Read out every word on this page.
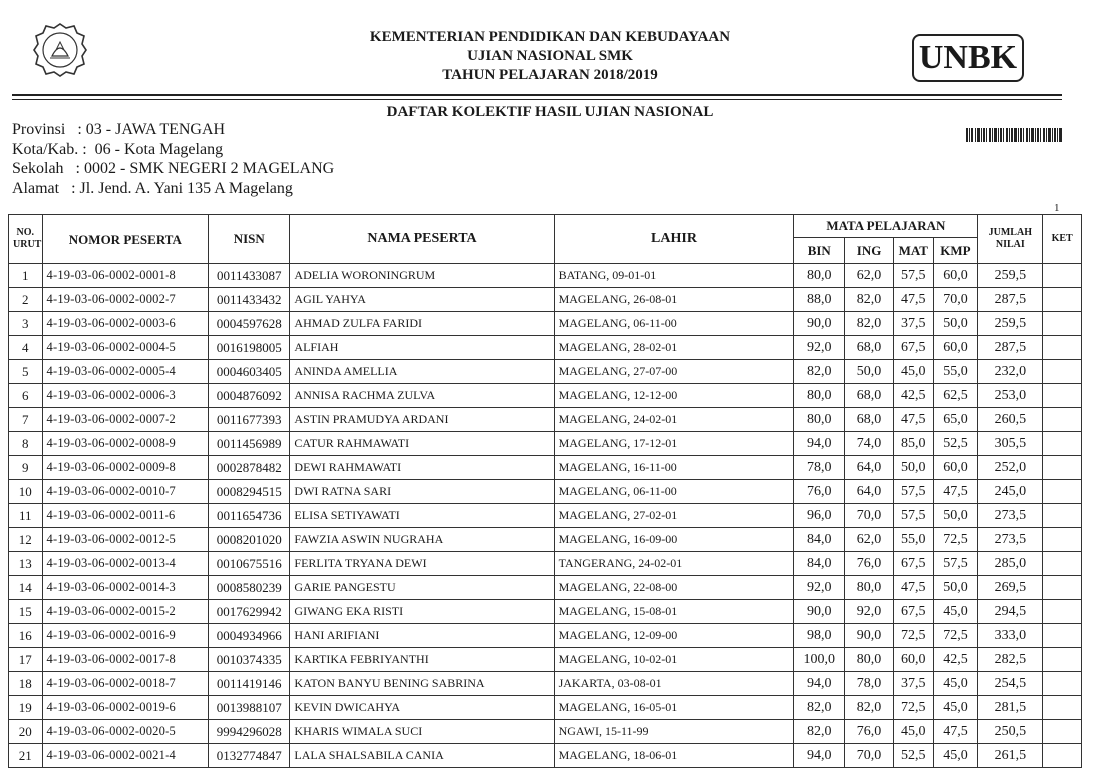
KEMENTERIAN PENDIDIKAN DAN KEBUDAYAAN
UJIAN NASIONAL SMK
TAHUN PELAJARAN 2018/2019	UNBK
DAFTAR KOLEKTIF HASIL UJIAN NASIONAL
Provinsi : 03 - JAWA TENGAH
Kota/Kab. : 06 - Kota Magelang
Sekolah : 0002 - SMK NEGERI 2 MAGELANG
Alamat : Jl. Jend. A. Yani 135 A Magelang
1
NO. URUT	NOMOR PESERTA	NISN	NAMA PESERTA	LAHIR	MATA PELAJARAN				JUMLAH NILAI	KET
					BIN	ING	MAT	KMP		
1	4-19-03-06-0002-0001-8	0011433087	ADELIA WORONINGRUM	BATANG, 09-01-01	80,0	62,0	57,5	60,0	259,5	
2	4-19-03-06-0002-0002-7	0011433432	AGIL YAHYA	MAGELANG, 26-08-01	88,0	82,0	47,5	70,0	287,5	
3	4-19-03-06-0002-0003-6	0004597628	AHMAD ZULFA FARIDI	MAGELANG, 06-11-00	90,0	82,0	37,5	50,0	259,5	
4	4-19-03-06-0002-0004-5	0016198005	ALFIAH	MAGELANG, 28-02-01	92,0	68,0	67,5	60,0	287,5	
5	4-19-03-06-0002-0005-4	0004603405	ANINDA AMELLIA	MAGELANG, 27-07-00	82,0	50,0	45,0	55,0	232,0	
6	4-19-03-06-0002-0006-3	0004876092	ANNISA RACHMA ZULVA	MAGELANG, 12-12-00	80,0	68,0	42,5	62,5	253,0	
7	4-19-03-06-0002-0007-2	0011677393	ASTIN PRAMUDYA ARDANI	MAGELANG, 24-02-01	80,0	68,0	47,5	65,0	260,5	
8	4-19-03-06-0002-0008-9	0011456989	CATUR RAHMAWATI	MAGELANG, 17-12-01	94,0	74,0	85,0	52,5	305,5	
9	4-19-03-06-0002-0009-8	0002878482	DEWI RAHMAWATI	MAGELANG, 16-11-00	78,0	64,0	50,0	60,0	252,0	
10	4-19-03-06-0002-0010-7	0008294515	DWI RATNA SARI	MAGELANG, 06-11-00	76,0	64,0	57,5	47,5	245,0	
11	4-19-03-06-0002-0011-6	0011654736	ELISA SETIYAWATI	MAGELANG, 27-02-01	96,0	70,0	57,5	50,0	273,5	
12	4-19-03-06-0002-0012-5	0008201020	FAWZIA ASWIN NUGRAHA	MAGELANG, 16-09-00	84,0	62,0	55,0	72,5	273,5	
13	4-19-03-06-0002-0013-4	0010675516	FERLITA TRYANA DEWI	TANGERANG, 24-02-01	84,0	76,0	67,5	57,5	285,0	
14	4-19-03-06-0002-0014-3	0008580239	GARIE PANGESTU	MAGELANG, 22-08-00	92,0	80,0	47,5	50,0	269,5	
15	4-19-03-06-0002-0015-2	0017629942	GIWANG EKA RISTI	MAGELANG, 15-08-01	90,0	92,0	67,5	45,0	294,5	
16	4-19-03-06-0002-0016-9	0004934966	HANI ARIFIANI	MAGELANG, 12-09-00	98,0	90,0	72,5	72,5	333,0	
17	4-19-03-06-0002-0017-8	0010374335	KARTIKA FEBRIYANTHI	MAGELANG, 10-02-01	100,0	80,0	60,0	42,5	282,5	
18	4-19-03-06-0002-0018-7	0011419146	KATON BANYU BENING SABRINA	JAKARTA, 03-08-01	94,0	78,0	37,5	45,0	254,5	
19	4-19-03-06-0002-0019-6	0013988107	KEVIN DWICAHYA	MAGELANG, 16-05-01	82,0	82,0	72,5	45,0	281,5	
20	4-19-03-06-0002-0020-5	9994296028	KHARIS WIMALA SUCI	NGAWI, 15-11-99	82,0	76,0	45,0	47,5	250,5	
21	4-19-03-06-0002-0021-4	0132774847	LALA SHALSABILA CANIA	MAGELANG, 18-06-01	94,0	70,0	52,5	45,0	261,5	
